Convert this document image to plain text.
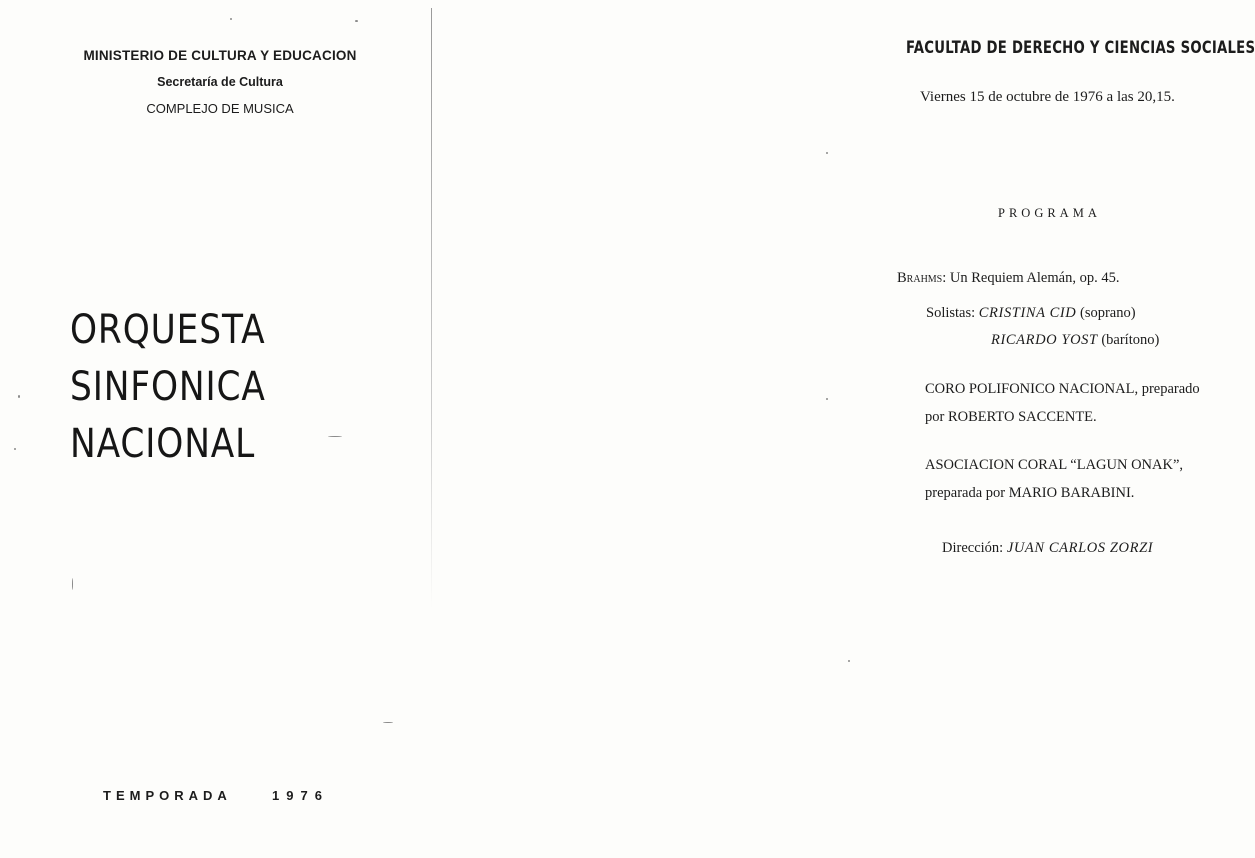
MINISTERIO DE CULTURA Y EDUCACION
Secretaría de Cultura
COMPLEJO DE MUSICA
ORQUESTA
SINFONICA
NACIONAL
TEMPORADA	1976
FACULTAD DE DERECHO Y CIENCIAS SOCIALES
Viernes 15 de octubre de 1976 a las 20,15.
PROGRAMA
Brahms: Un Requiem Alemán, op. 45.
Solistas: CRISTINA CID (soprano)
RICARDO YOST (barítono)
CORO POLIFONICO NACIONAL, preparado
por ROBERTO SACCENTE.
ASOCIACION CORAL “LAGUN ONAK”,
preparada por MARIO BARABINI.
Dirección: JUAN CARLOS ZORZI
